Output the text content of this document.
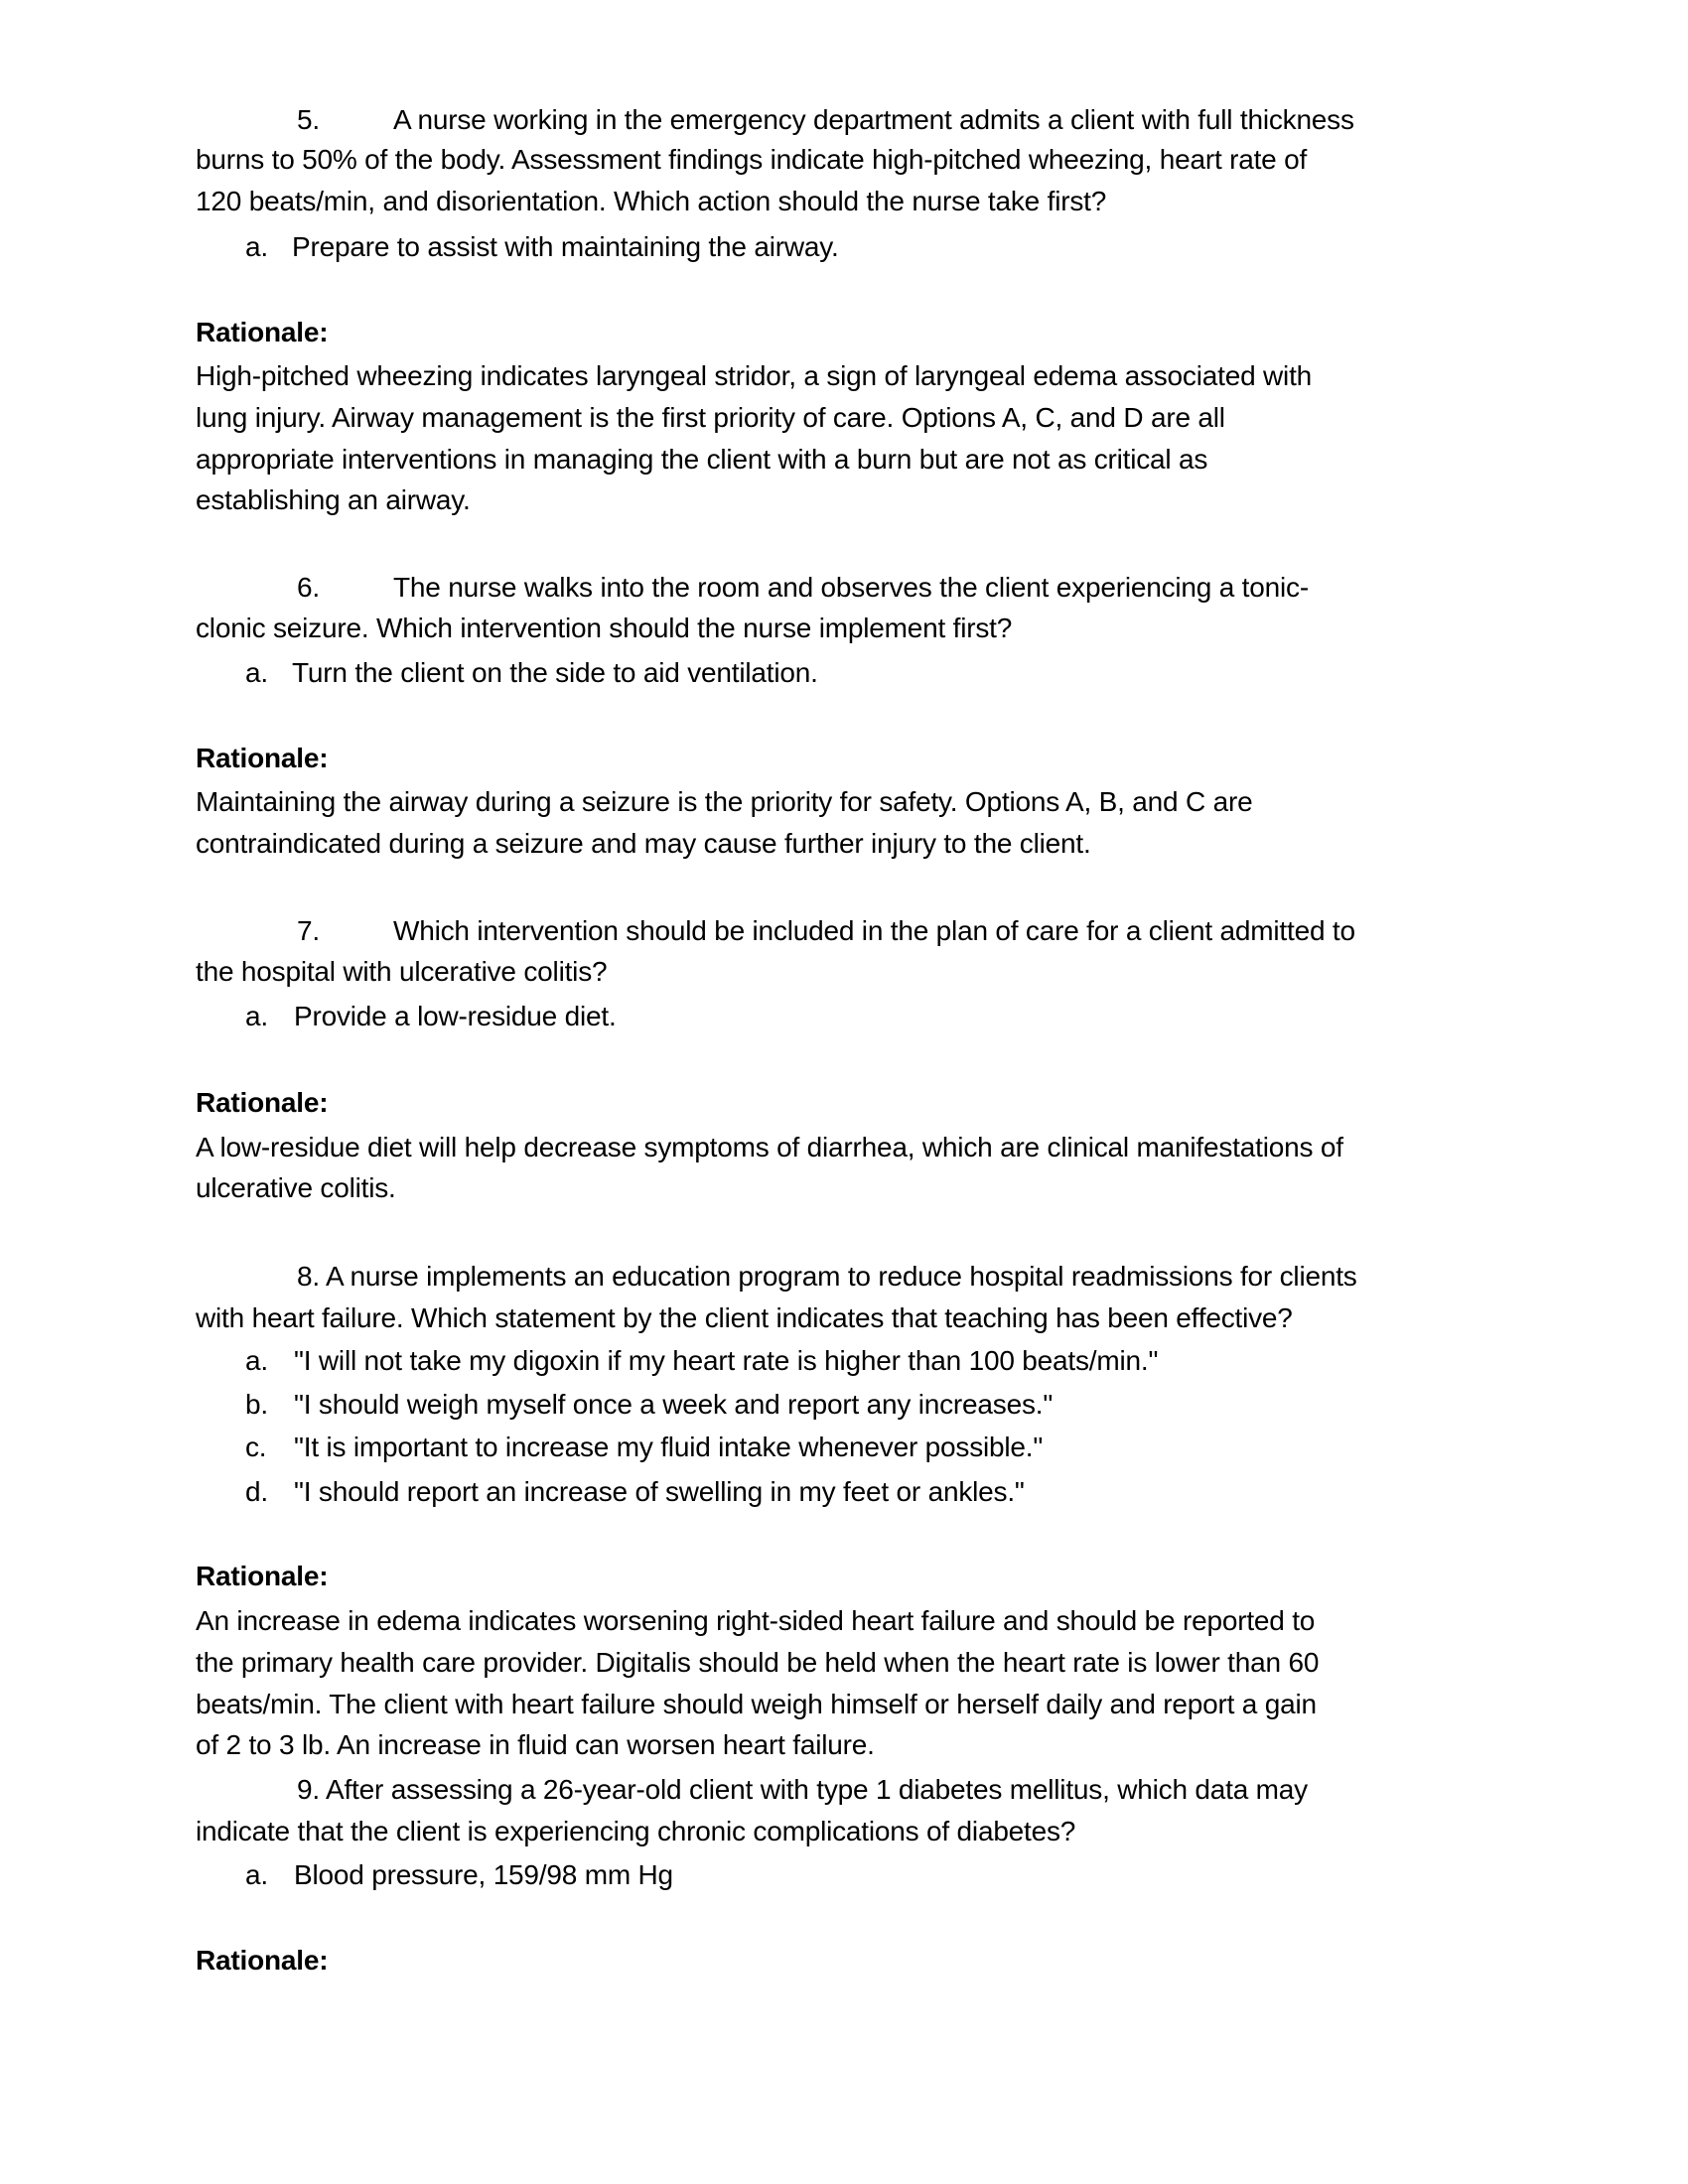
5.	A nurse working in the emergency department admits a client with full thickness
burns to 50% of the body. Assessment findings indicate high-pitched wheezing, heart rate of
120 beats/min, and disorientation. Which action should the nurse take first?
a. Prepare to assist with maintaining the airway.
Rationale:
High-pitched wheezing indicates laryngeal stridor, a sign of laryngeal edema associated with
lung injury. Airway management is the first priority of care. Options A, C, and D are all
appropriate interventions in managing the client with a burn but are not as critical as
establishing an airway.
6.	The nurse walks into the room and observes the client experiencing a tonic-
clonic seizure. Which intervention should the nurse implement first?
a. Turn the client on the side to aid ventilation.
Rationale:
Maintaining the airway during a seizure is the priority for safety. Options A, B, and C are
contraindicated during a seizure and may cause further injury to the client.
7.	Which intervention should be included in the plan of care for a client admitted to
the hospital with ulcerative colitis?
a. Provide a low-residue diet.
Rationale:
A low-residue diet will help decrease symptoms of diarrhea, which are clinical manifestations of
ulcerative colitis.
8. A nurse implements an education program to reduce hospital readmissions for clients
with heart failure. Which statement by the client indicates that teaching has been effective?
a. "I will not take my digoxin if my heart rate is higher than 100 beats/min."
b. "I should weigh myself once a week and report any increases."
c. "It is important to increase my fluid intake whenever possible."
d. "I should report an increase of swelling in my feet or ankles."
Rationale:
An increase in edema indicates worsening right-sided heart failure and should be reported to
the primary health care provider. Digitalis should be held when the heart rate is lower than 60
beats/min. The client with heart failure should weigh himself or herself daily and report a gain
of 2 to 3 lb. An increase in fluid can worsen heart failure.
9. After assessing a 26-year-old client with type 1 diabetes mellitus, which data may
indicate that the client is experiencing chronic complications of diabetes?
a. Blood pressure, 159/98 mm Hg
Rationale:
